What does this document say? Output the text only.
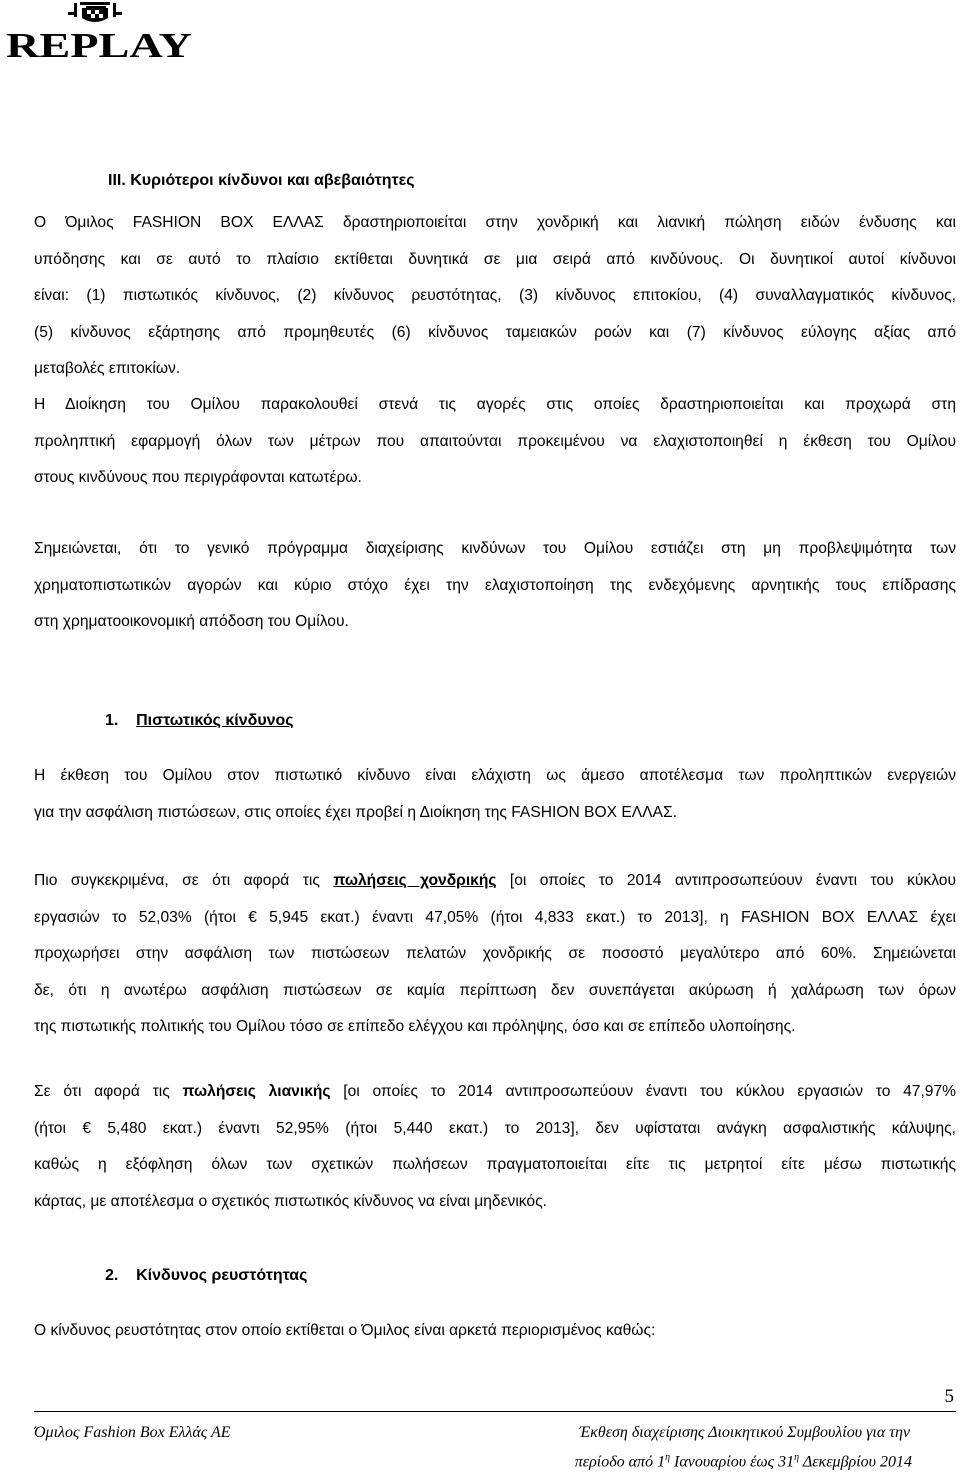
REPLAY
III. Κυριότεροι κίνδυνοι και αβεβαιότητες
Ο Όμιλος FASHION BOX ΕΛΛΑΣ δραστηριοποιείται στην χονδρική και λιανική πώληση ειδών ένδυσης και
υπόδησης και σε αυτό το πλαίσιο εκτίθεται δυνητικά σε μια σειρά από κινδύνους. Οι δυνητικοί αυτοί κίνδυνοι
είναι: (1) πιστωτικός κίνδυνος, (2) κίνδυνος ρευστότητας, (3) κίνδυνος επιτοκίου, (4) συναλλαγματικός κίνδυνος,
(5) κίνδυνος εξάρτησης από προμηθευτές (6) κίνδυνος ταμειακών ροών και (7) κίνδυνος εύλογης αξίας από
μεταβολές επιτοκίων.
Η Διοίκηση του Ομίλου παρακολουθεί στενά τις αγορές στις οποίες δραστηριοποιείται και προχωρά στη
προληπτική εφαρμογή όλων των μέτρων που απαιτούνται προκειμένου να ελαχιστοποιηθεί η έκθεση του Ομίλου
στους κινδύνους που περιγράφονται κατωτέρω.
Σημειώνεται, ότι το γενικό πρόγραμμα διαχείρισης κινδύνων του Ομίλου εστιάζει στη μη προβλεψιμότητα των
χρηματοπιστωτικών αγορών και κύριο στόχο έχει την ελαχιστοποίηση της ενδεχόμενης αρνητικής τους επίδρασης
στη χρηματοοικονομική απόδοση του Ομίλου.
1. Πιστωτικός κίνδυνος
Η έκθεση του Ομίλου στον πιστωτικό κίνδυνο είναι ελάχιστη ως άμεσο αποτέλεσμα των προληπτικών ενεργειών
για την ασφάλιση πιστώσεων, στις οποίες έχει προβεί η Διοίκηση της FASHION BOX ΕΛΛΑΣ.
Πιο συγκεκριμένα, σε ότι αφορά τις πωλήσεις χονδρικής [οι οποίες το 2014 αντιπροσωπεύουν έναντι του κύκλου
εργασιών το 52,03% (ήτοι € 5,945 εκατ.) έναντι 47,05% (ήτοι 4,833 εκατ.) το 2013], η FASHION BOX ΕΛΛΑΣ έχει
προχωρήσει στην ασφάλιση των πιστώσεων πελατών χονδρικής σε ποσοστό μεγαλύτερο από 60%. Σημειώνεται
δε, ότι η ανωτέρω ασφάλιση πιστώσεων σε καμία περίπτωση δεν συνεπάγεται ακύρωση ή χαλάρωση των όρων
της πιστωτικής πολιτικής του Ομίλου τόσο σε επίπεδο ελέγχου και πρόληψης, όσο και σε επίπεδο υλοποίησης.
Σε ότι αφορά τις πωλήσεις λιανικής [οι οποίες το 2014 αντιπροσωπεύουν έναντι του κύκλου εργασιών το 47,97%
(ήτοι € 5,480 εκατ.) έναντι 52,95% (ήτοι 5,440 εκατ.) το 2013], δεν υφίσταται ανάγκη ασφαλιστικής κάλυψης,
καθώς η εξόφληση όλων των σχετικών πωλήσεων πραγματοποιείται είτε τις μετρητοί είτε μέσω πιστωτικής
κάρτας, με αποτέλεσμα ο σχετικός πιστωτικός κίνδυνος να είναι μηδενικός.
2. Κίνδυνος ρευστότητας
Ο κίνδυνος ρευστότητας στον οποίο εκτίθεται ο Όμιλος είναι αρκετά περιορισμένος καθώς:
5
Όμιλος Fashion Box Ελλάς ΑΕ	Έκθεση διαχείρισης Διοικητικού Συμβουλίου για την
περίοδο από $1^\eta$ Ιανουαρίου έως $31^\eta$ Δεκεμβρίου 2014
